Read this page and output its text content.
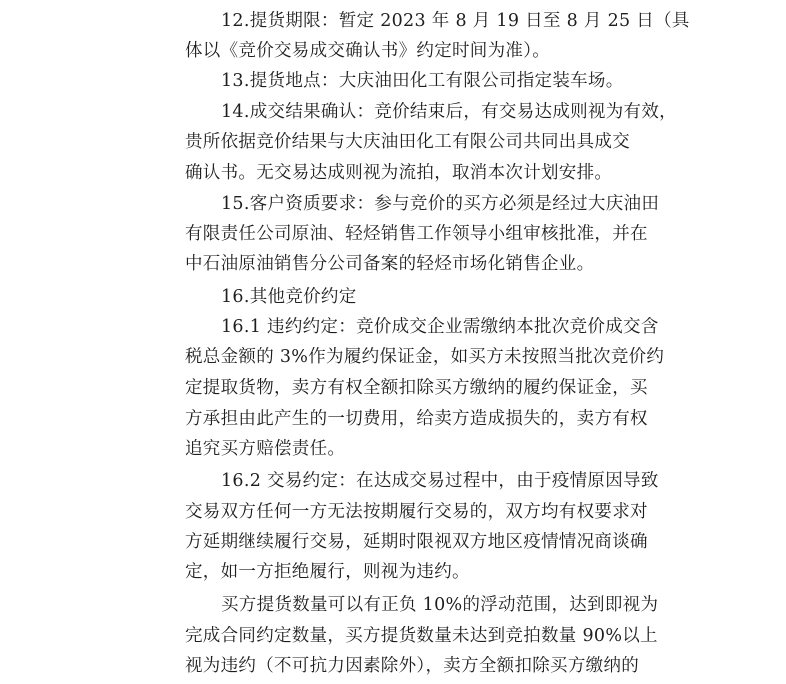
12.提货期限：暂定 2023 年 8 月 19 日至 8 月 25 日（具
体以《竞价交易成交确认书》约定时间为准）。
13.提货地点：大庆油田化工有限公司指定装车场。
14.成交结果确认：竞价结束后，有交易达成则视为有效，
贵所依据竞价结果与大庆油田化工有限公司共同出具成交
确认书。无交易达成则视为流拍，取消本次计划安排。
15.客户资质要求：参与竞价的买方必须是经过大庆油田
有限责任公司原油、轻烃销售工作领导小组审核批准，并在
中石油原油销售分公司备案的轻烃市场化销售企业。
16.其他竞价约定
16.1 违约约定：竞价成交企业需缴纳本批次竞价成交含
税总金额的 3%作为履约保证金，如买方未按照当批次竞价约
定提取货物，卖方有权全额扣除买方缴纳的履约保证金，买
方承担由此产生的一切费用，给卖方造成损失的，卖方有权
追究买方赔偿责任。
16.2 交易约定：在达成交易过程中，由于疫情原因导致
交易双方任何一方无法按期履行交易的，双方均有权要求对
方延期继续履行交易，延期时限视双方地区疫情情况商谈确
定，如一方拒绝履行，则视为违约。
买方提货数量可以有正负 10%的浮动范围，达到即视为
完成合同约定数量，买方提货数量未达到竞拍数量 90%以上
视为违约（不可抗力因素除外），卖方全额扣除买方缴纳的
